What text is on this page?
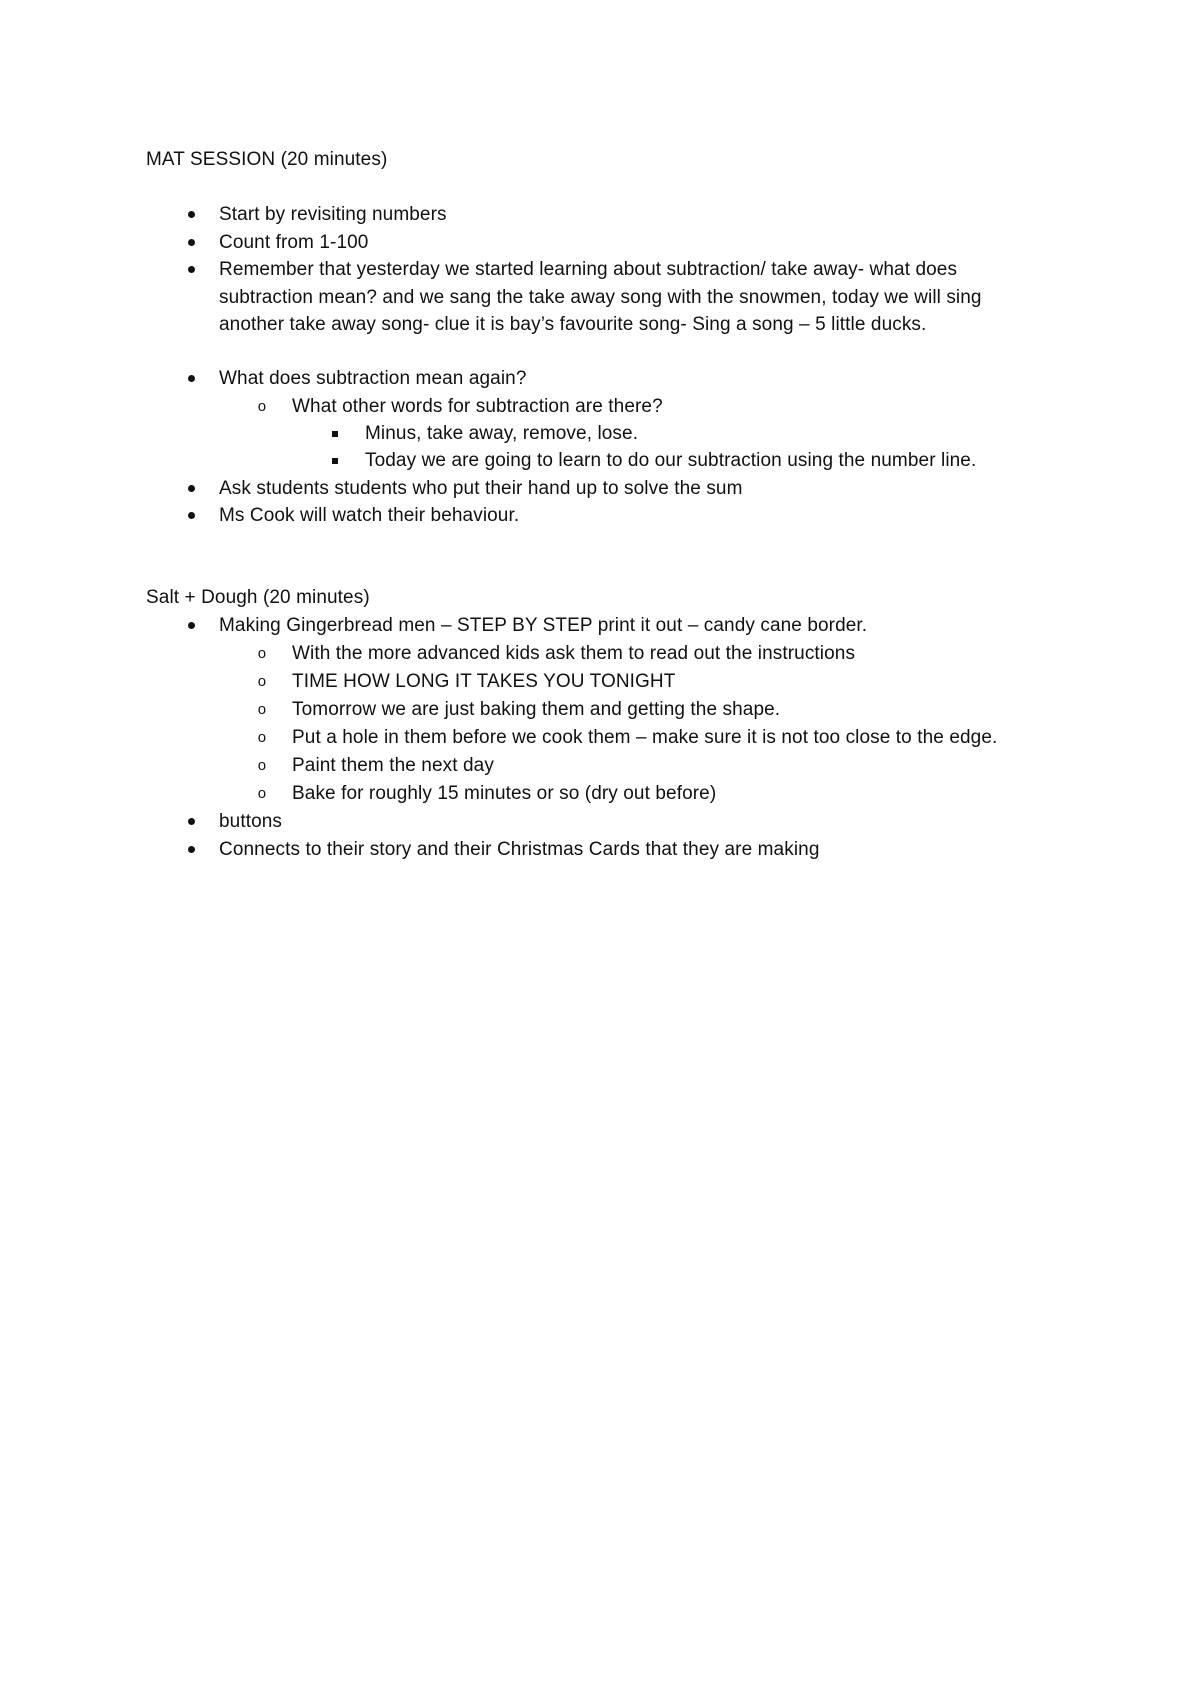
MAT SESSION (20 minutes)
Start by revisiting numbers
Count from 1-100
Remember that yesterday we started learning about subtraction/ take away- what does
subtraction mean? and we sang the take away song with the snowmen, today we will sing
another take away song- clue it is bay’s favourite song- Sing a song – 5 little ducks.
What does subtraction mean again?
o What other words for subtraction are there?
Minus, take away, remove, lose.
Today we are going to learn to do our subtraction using the number line.
Ask students students who put their hand up to solve the sum
Ms Cook will watch their behaviour.
Salt + Dough (20 minutes)
Making Gingerbread men – STEP BY STEP print it out – candy cane border.
o With the more advanced kids ask them to read out the instructions
o TIME HOW LONG IT TAKES YOU TONIGHT
o Tomorrow we are just baking them and getting the shape.
o Put a hole in them before we cook them – make sure it is not too close to the edge.
o Paint them the next day
o Bake for roughly 15 minutes or so (dry out before)
buttons
Connects to their story and their Christmas Cards that they are making
